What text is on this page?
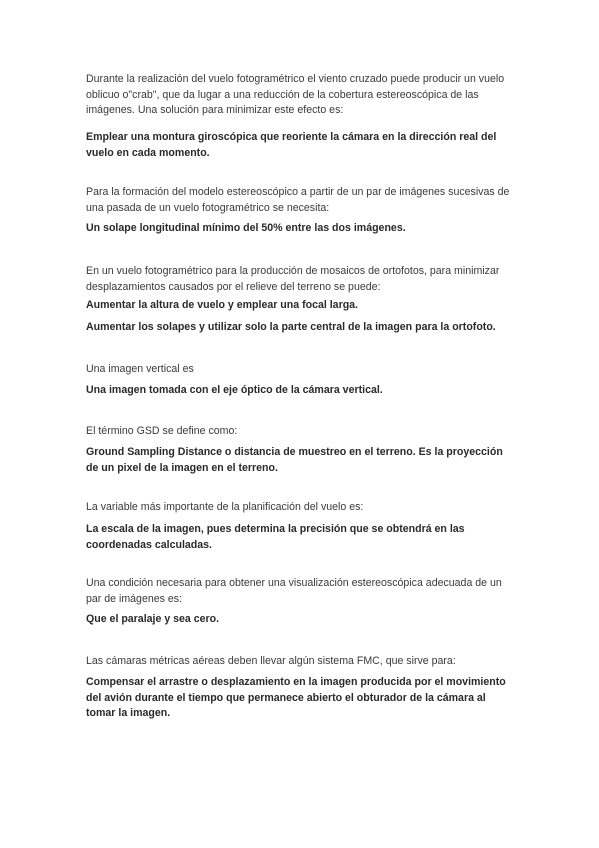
Durante la realización del vuelo fotogramétrico el viento cruzado puede producir un vuelo oblicuo o"crab", que da lugar a una reducción de la cobertura estereoscópica de las imágenes. Una solución para minimizar este efecto es:

Emplear una montura giroscópica que reoriente la cámara en la dirección real del vuelo en cada momento.

Para la formación del modelo estereoscópico a partir de un par de imágenes sucesivas de una pasada de un vuelo fotogramétrico se necesita:

Un solape longitudinal mínimo del 50% entre las dos imágenes.

En un vuelo fotogramétrico para la producción de mosaicos de ortofotos, para minimizar desplazamientos causados por el relieve del terreno se puede:

Aumentar la altura de vuelo y emplear una focal larga.

Aumentar los solapes y utilizar solo la parte central de la imagen para la ortofoto.

Una imagen vertical es

Una imagen tomada con el eje óptico de la cámara vertical.

El término GSD se define como:

Ground Sampling Distance o distancia de muestreo en el terreno. Es la proyección de un pixel de la imagen en el terreno.

La variable más importante de la planificación del vuelo es:

La escala de la imagen, pues determina la precisión que se obtendrá en las coordenadas calculadas.

Una condición necesaria para obtener una visualización estereoscópica adecuada de un par de imágenes es:

Que el paralaje y sea cero.

Las cámaras métricas aéreas deben llevar algún sistema FMC, que sirve para:

Compensar el arrastre o desplazamiento en la imagen producida por el movimiento del avión durante el tiempo que permanece abierto el obturador de la cámara al tomar la imagen.
